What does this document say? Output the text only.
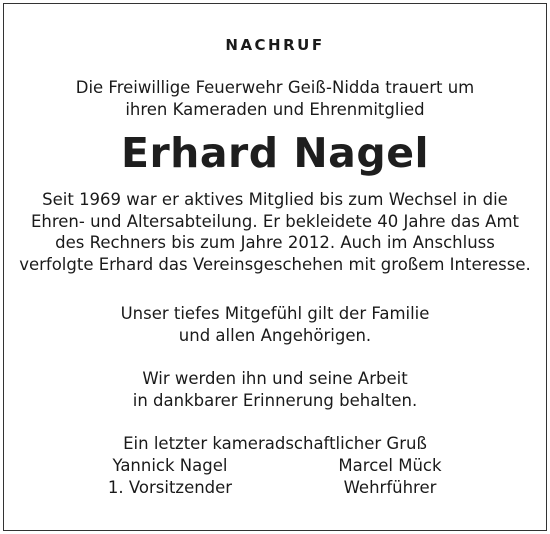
NACHRUF
Die Freiwillige Feuerwehr Geiß-Nidda trauert um
ihren Kameraden und Ehrenmitglied
Erhard Nagel
Seit 1969 war er aktives Mitglied bis zum Wechsel in die
Ehren- und Altersabteilung. Er bekleidete 40 Jahre das Amt
des Rechners bis zum Jahre 2012. Auch im Anschluss
verfolgte Erhard das Vereinsgeschehen mit großem Interesse.
Unser tiefes Mitgefühl gilt der Familie
und allen Angehörigen.
Wir werden ihn und seine Arbeit
in dankbarer Erinnerung behalten.
Ein letzter kameradschaftlicher Gruß
Yannick Nagel
1. Vorsitzender
Marcel Mück
Wehrführer
